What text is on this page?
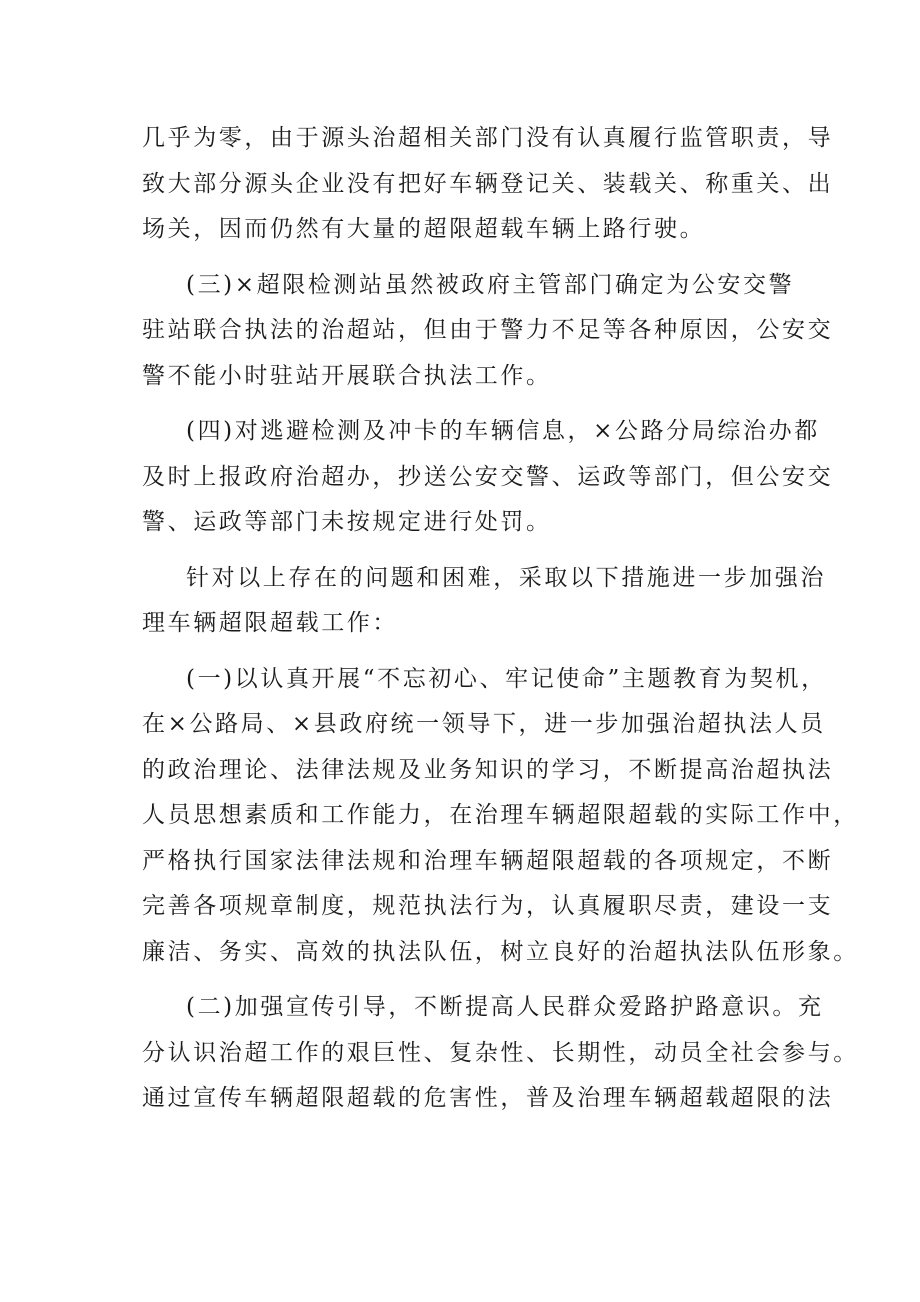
几乎为零，由于源头治超相关部门没有认真履行监管职责，导
致大部分源头企业没有把好车辆登记关、装载关、称重关、出
场关，因而仍然有大量的超限超载车辆上路行驶。

(三)×超限检测站虽然被政府主管部门确定为公安交警
驻站联合执法的治超站，但由于警力不足等各种原因，公安交
警不能小时驻站开展联合执法工作。

(四)对逃避检测及冲卡的车辆信息，×公路分局综治办都
及时上报政府治超办，抄送公安交警、运政等部门，但公安交
警、运政等部门未按规定进行处罚。

针对以上存在的问题和困难，采取以下措施进一步加强治
理车辆超限超载工作：

(一)以认真开展“不忘初心、牢记使命”主题教育为契机，
在×公路局、×县政府统一领导下，进一步加强治超执法人员
的政治理论、法律法规及业务知识的学习，不断提高治超执法
人员思想素质和工作能力，在治理车辆超限超载的实际工作中，
严格执行国家法律法规和治理车辆超限超载的各项规定，不断
完善各项规章制度，规范执法行为，认真履职尽责，建设一支
廉洁、务实、高效的执法队伍，树立良好的治超执法队伍形象。

(二)加强宣传引导，不断提高人民群众爱路护路意识。充
分认识治超工作的艰巨性、复杂性、长期性，动员全社会参与。
通过宣传车辆超限超载的危害性，普及治理车辆超载超限的法
